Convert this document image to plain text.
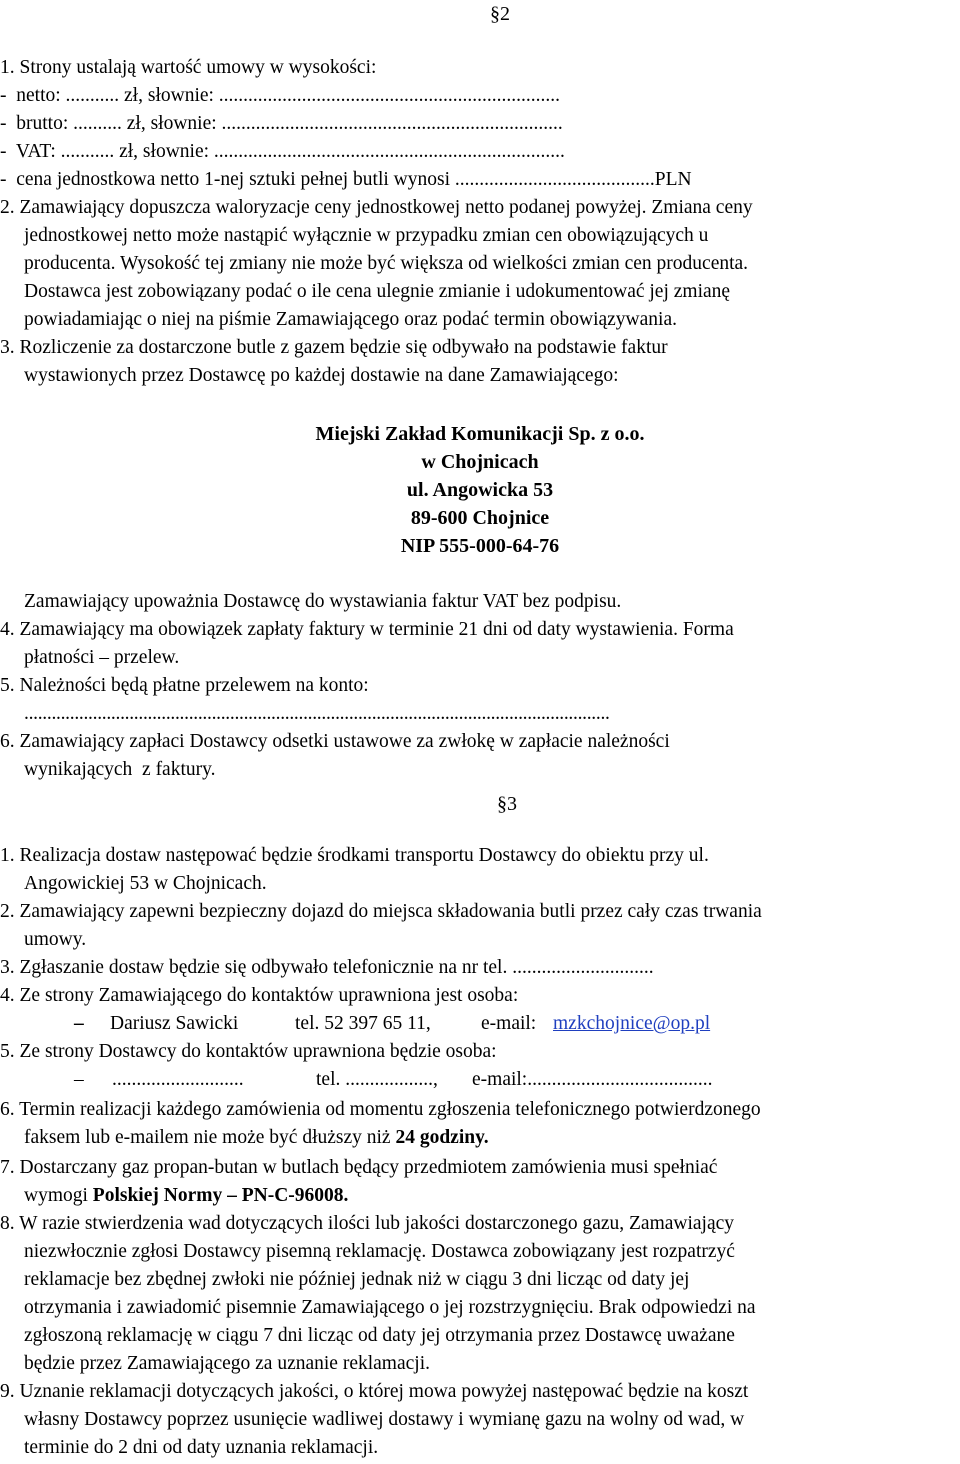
§2
1. Strony ustalają wartość umowy w wysokości:
-  netto: ........... zł, słownie: ......................................................................
-  brutto: .......... zł, słownie: ......................................................................
-  VAT: ........... zł, słownie: ........................................................................
-  cena jednostkowa netto 1-nej sztuki pełnej butli wynosi .........................................PLN
2. Zamawiający dopuszcza waloryzacje ceny jednostkowej netto podanej powyżej. Zmiana ceny
jednostkowej netto może nastąpić wyłącznie w przypadku zmian cen obowiązujących u
producenta. Wysokość tej zmiany nie może być większa od wielkości zmian cen producenta.
Dostawca jest zobowiązany podać o ile cena ulegnie zmianie i udokumentować jej zmianę
powiadamiając o niej na piśmie Zamawiającego oraz podać termin obowiązywania.
3. Rozliczenie za dostarczone butle z gazem będzie się odbywało na podstawie faktur
wystawionych przez Dostawcę po każdej dostawie na dane Zamawiającego:
Miejski Zakład Komunikacji Sp. z o.o.
w Chojnicach
ul. Angowicka 53
89-600 Chojnice
NIP 555-000-64-76
Zamawiający upoważnia Dostawcę do wystawiania faktur VAT bez podpisu.
4. Zamawiający ma obowiązek zapłaty faktury w terminie 21 dni od daty wystawienia. Forma
płatności – przelew.
5. Należności będą płatne przelewem na konto:
................................................................................................................................
6. Zamawiający zapłaci Dostawcy odsetki ustawowe za zwłokę w zapłacie należności
wynikających  z faktury.
§3
1. Realizacja dostaw następować będzie środkami transportu Dostawcy do obiektu przy ul.
Angowickiej 53 w Chojnicach.
2. Zamawiający zapewni bezpieczny dojazd do miejsca składowania butli przez cały czas trwania
umowy.
3. Zgłaszanie dostaw będzie się odbywało telefonicznie na nr tel. .............................
4. Ze strony Zamawiającego do kontaktów uprawniona jest osoba:
– Dariusz Sawicki	tel. 52 397 65 11,	e-mail: mzkchojnice@op.pl
5. Ze strony Dostawcy do kontaktów uprawniona będzie osoba:
– ...........................	tel. .................., e-mail:......................................
6. Termin realizacji każdego zamówienia od momentu zgłoszenia telefonicznego potwierdzonego
faksem lub e-mailem nie może być dłuższy niż 24 godziny.
7. Dostarczany gaz propan-butan w butlach będący przedmiotem zamówienia musi spełniać
wymogi Polskiej Normy – PN-C-96008.
8. W razie stwierdzenia wad dotyczących ilości lub jakości dostarczonego gazu, Zamawiający
niezwłocznie zgłosi Dostawcy pisemną reklamację. Dostawca zobowiązany jest rozpatrzyć
reklamacje bez zbędnej zwłoki nie później jednak niż w ciągu 3 dni licząc od daty jej
otrzymania i zawiadomić pisemnie Zamawiającego o jej rozstrzygnięciu. Brak odpowiedzi na
zgłoszoną reklamację w ciągu 7 dni licząc od daty jej otrzymania przez Dostawcę uważane
będzie przez Zamawiającego za uznanie reklamacji.
9. Uznanie reklamacji dotyczących jakości, o której mowa powyżej następować będzie na koszt
własny Dostawcy poprzez usunięcie wadliwej dostawy i wymianę gazu na wolny od wad, w
terminie do 2 dni od daty uznania reklamacji.
